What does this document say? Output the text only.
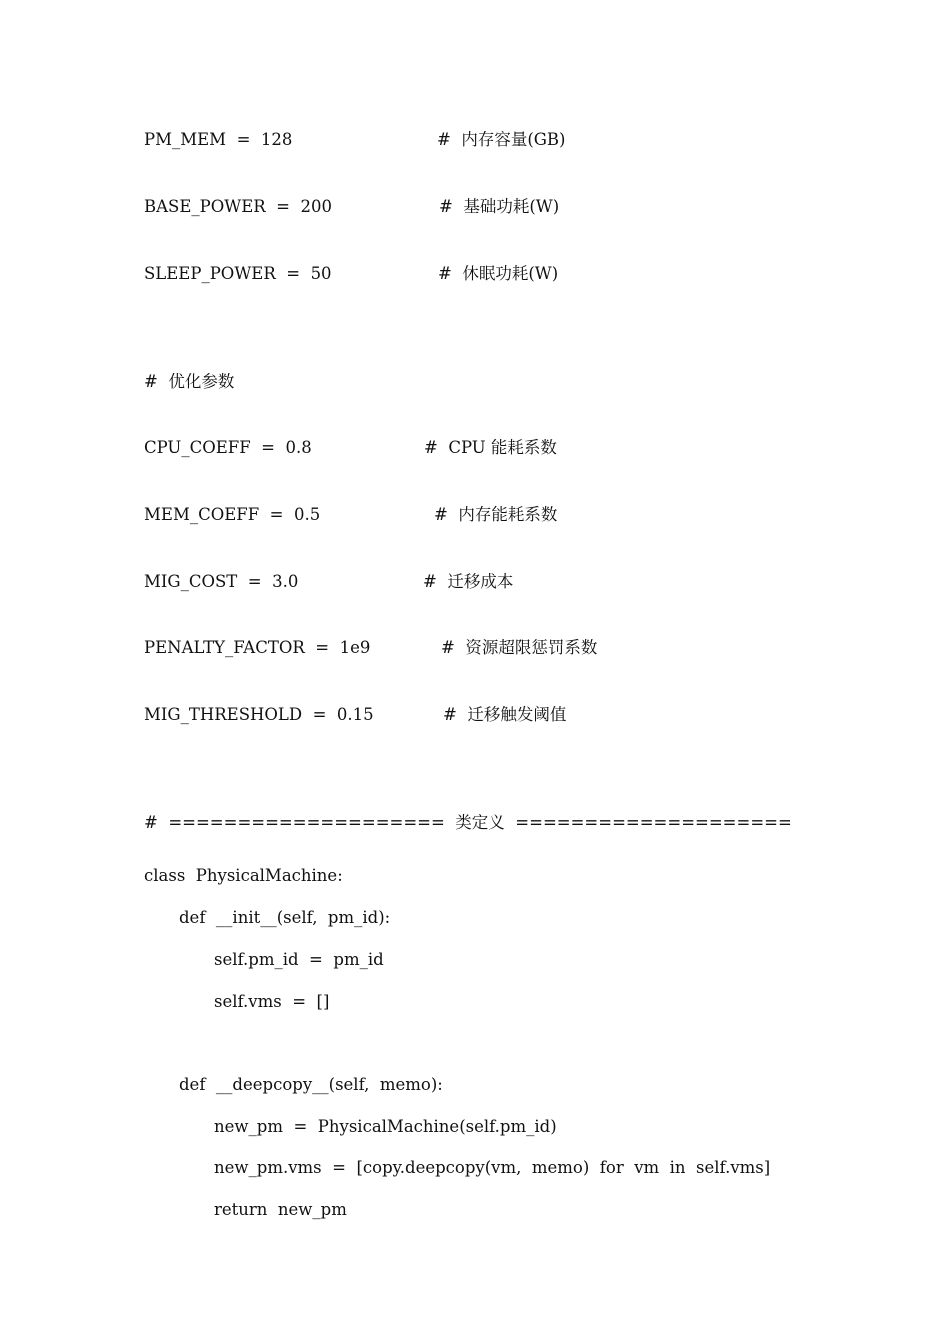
PM_MEM  =  128	#  内存容量(GB)
BASE_POWER  =  200	#  基础功耗(W)
SLEEP_POWER  =  50	#  休眠功耗(W)
#  优化参数
CPU_COEFF  =  0.8	#  CPU 能耗系数
MEM_COEFF  =  0.5	#  内存能耗系数
MIG_COST  =  3.0	#  迁移成本
PENALTY_FACTOR  =  1e9	#  资源超限惩罚系数
MIG_THRESHOLD  =  0.15	#  迁移触发阈值
#  ====================  类定义  ====================
class  PhysicalMachine:
def  __init__(self,  pm_id):
self.pm_id  =  pm_id
self.vms  =  []
def  __deepcopy__(self,  memo):
new_pm  =  PhysicalMachine(self.pm_id)
new_pm.vms  =  [copy.deepcopy(vm,  memo)  for  vm  in  self.vms]
return  new_pm
